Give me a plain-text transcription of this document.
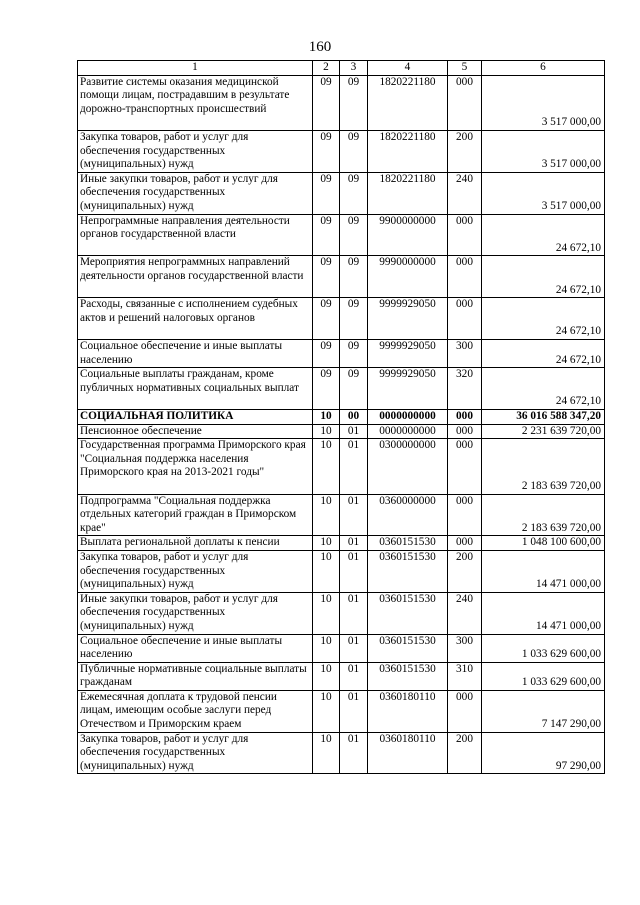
160
1	2	3	4	5	6
Развитие системы оказания медицинской помощи лицам, пострадавшим в результате дорожно-транспортных происшествий	09	09	1820221180	000	3 517 000,00
Закупка товаров, работ и услуг для обеспечения государственных (муниципальных) нужд	09	09	1820221180	200	3 517 000,00
Иные закупки товаров, работ и услуг для обеспечения государственных (муниципальных) нужд	09	09	1820221180	240	3 517 000,00
Непрограммные направления деятельности органов государственной власти	09	09	9900000000	000	24 672,10
Мероприятия непрограммных направлений деятельности органов государственной власти	09	09	9990000000	000	24 672,10
Расходы, связанные с исполнением судебных актов и решений налоговых органов	09	09	9999929050	000	24 672,10
Социальное обеспечение и иные выплаты населению	09	09	9999929050	300	24 672,10
Социальные выплаты гражданам, кроме публичных нормативных социальных выплат	09	09	9999929050	320	24 672,10
СОЦИАЛЬНАЯ ПОЛИТИКА	10	00	0000000000	000	36 016 588 347,20
Пенсионное обеспечение	10	01	0000000000	000	2 231 639 720,00
Государственная программа Приморского края "Социальная поддержка населения Приморского края на 2013-2021 годы"	10	01	0300000000	000	2 183 639 720,00
Подпрограмма "Социальная поддержка отдельных категорий граждан в Приморском крае"	10	01	0360000000	000	2 183 639 720,00
Выплата региональной доплаты к пенсии	10	01	0360151530	000	1 048 100 600,00
Закупка товаров, работ и услуг для обеспечения государственных (муниципальных) нужд	10	01	0360151530	200	14 471 000,00
Иные закупки товаров, работ и услуг для обеспечения государственных (муниципальных) нужд	10	01	0360151530	240	14 471 000,00
Социальное обеспечение и иные выплаты населению	10	01	0360151530	300	1 033 629 600,00
Публичные нормативные социальные выплаты гражданам	10	01	0360151530	310	1 033 629 600,00
Ежемесячная доплата к трудовой пенсии лицам, имеющим особые заслуги перед Отечеством и Приморским краем	10	01	0360180110	000	7 147 290,00
Закупка товаров, работ и услуг для обеспечения государственных (муниципальных) нужд	10	01	0360180110	200	97 290,00
